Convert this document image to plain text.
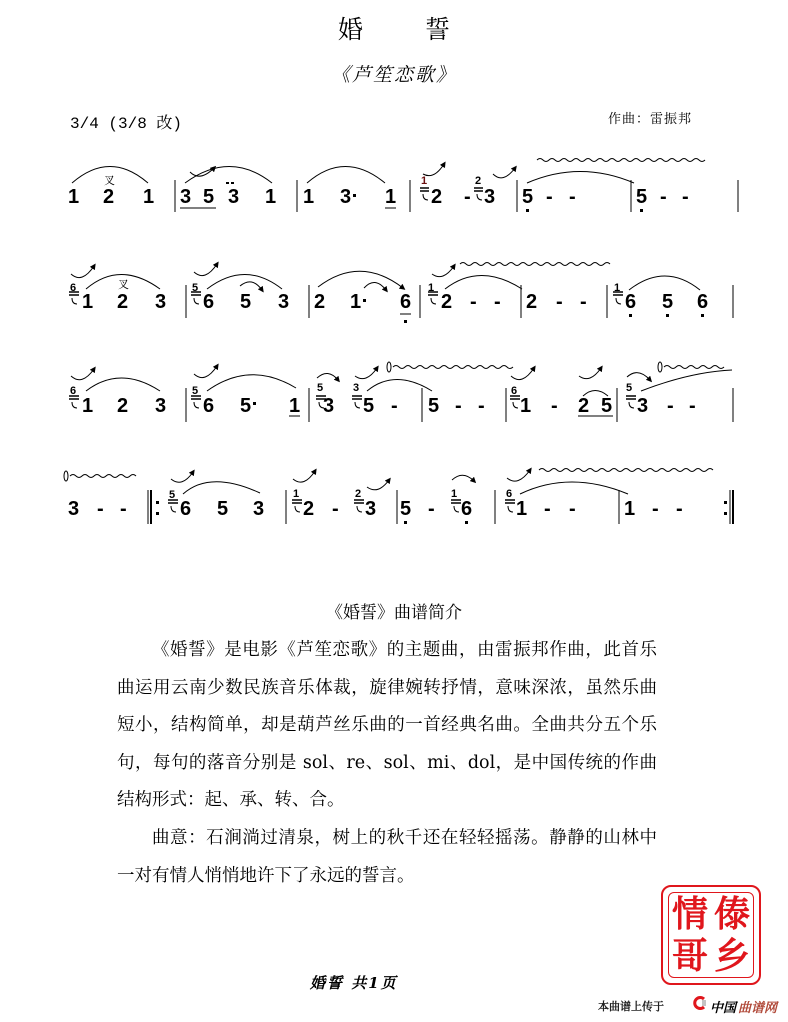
婚誓
《芦笙恋歌》
3/4 (3/8 改)	作曲：雷振邦
1 2 1 3 5 3 1 1 3 1 2 - 3 5 - -	5 - -
1 2 3 6 5 3 2 1 6 2 - - 2 - - 6 5 6
1 2 3 6 5 1 3 5 - 5 - - 1 - 2 5 3 - -
3 - -	6 5 3 2 - 3 5 - 6 1 - - 1 - -
1	2
6	5	1	1
6	5	5	3	6	5
5	1	2	1	6
叉
叉
《婚誓》曲谱简介
《婚誓》是电影《芦笙恋歌》的主题曲，由雷振邦作曲，此首乐曲运用云南少数民族音乐体裁，旋律婉转抒情，意味深浓，虽然乐曲短小，结构简单，却是葫芦丝乐曲的一首经典名曲。全曲共分五个乐句，每句的落音分别是 sol、re、sol、mi、dol，是中国传统的作曲结构形式：起、承、转、合。
曲意：石涧淌过清泉，树上的秋千还在轻轻摇荡。静静的山林中一对有情人悄悄地许下了永远的誓言。
情 傣
哥 乡
婚誓 共1页
本曲谱上传于	中国 曲谱网
